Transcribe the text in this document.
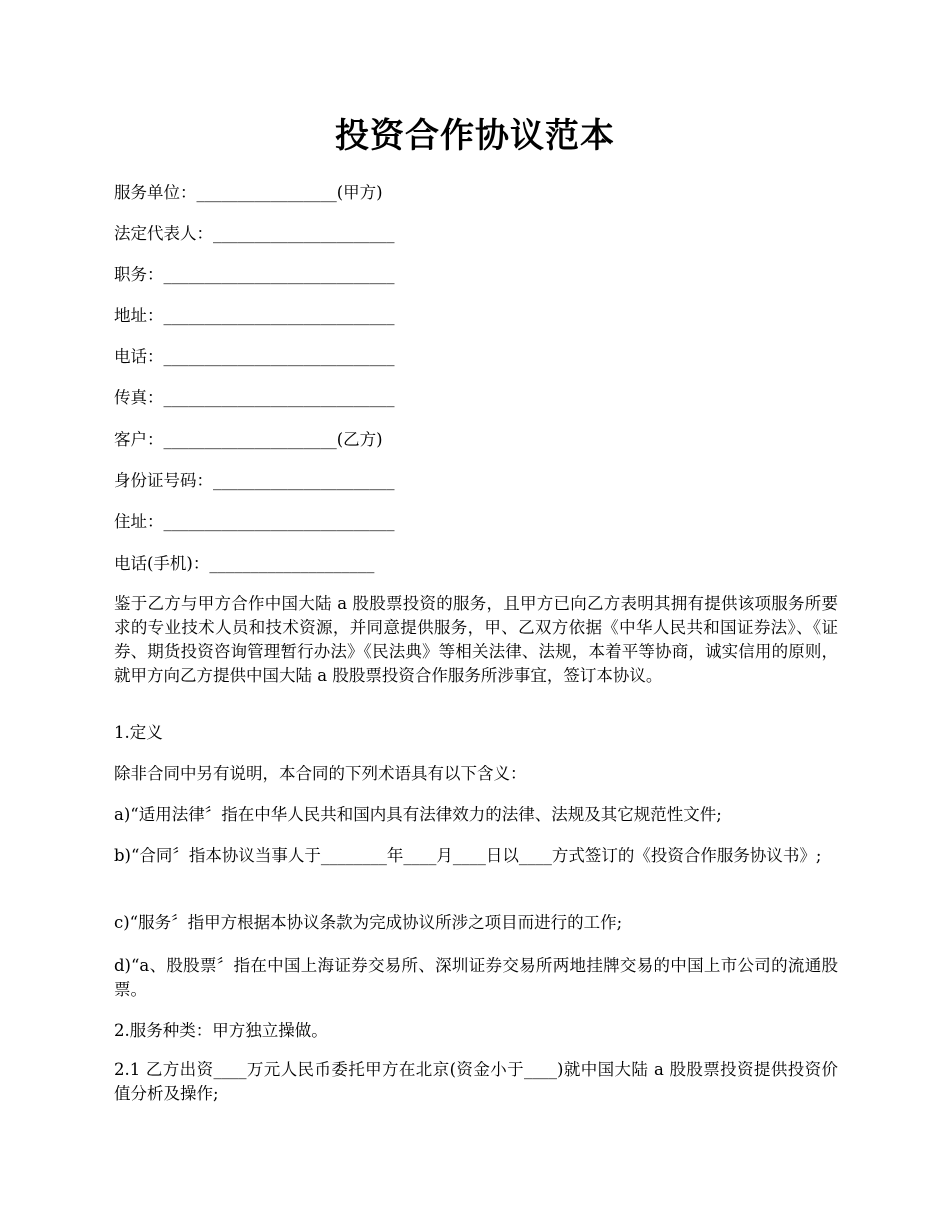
投资合作协议范本
服务单位：_________________(甲方)
法定代表人：______________________
职务：____________________________
地址：____________________________
电话：____________________________
传真：____________________________
客户：_____________________(乙方)
身份证号码：______________________
住址：____________________________
电话(手机)：____________________
鉴于乙方与甲方合作中国大陆 a 股股票投资的服务，且甲方已向乙方表明其拥有提供该项服务所要求的专业技术人员和技术资源，并同意提供服务，甲、乙双方依据《中华人民共和国证券法》、《证券、期货投资咨询管理暂行办法》《民法典》等相关法律、法规，本着平等协商，诚实信用的原则，就甲方向乙方提供中国大陆 a 股股票投资合作服务所涉事宜，签订本协议。
1.定义
除非合同中另有说明，本合同的下列术语具有以下含义：
a)“适用法律〞指在中华人民共和国内具有法律效力的法律、法规及其它规范性文件;
b)“合同〞指本协议当事人于________年____月____日以____方式签订的《投资合作服务协议书》;
c)“服务〞指甲方根据本协议条款为完成协议所涉之项目而进行的工作;
d)“a、股股票〞指在中国上海证券交易所、深圳证券交易所两地挂牌交易的中国上市公司的流通股票。
2.服务种类：甲方独立操做。
2.1 乙方出资____万元人民币委托甲方在北京(资金小于____)就中国大陆 a 股股票投资提供投资价值分析及操作;
